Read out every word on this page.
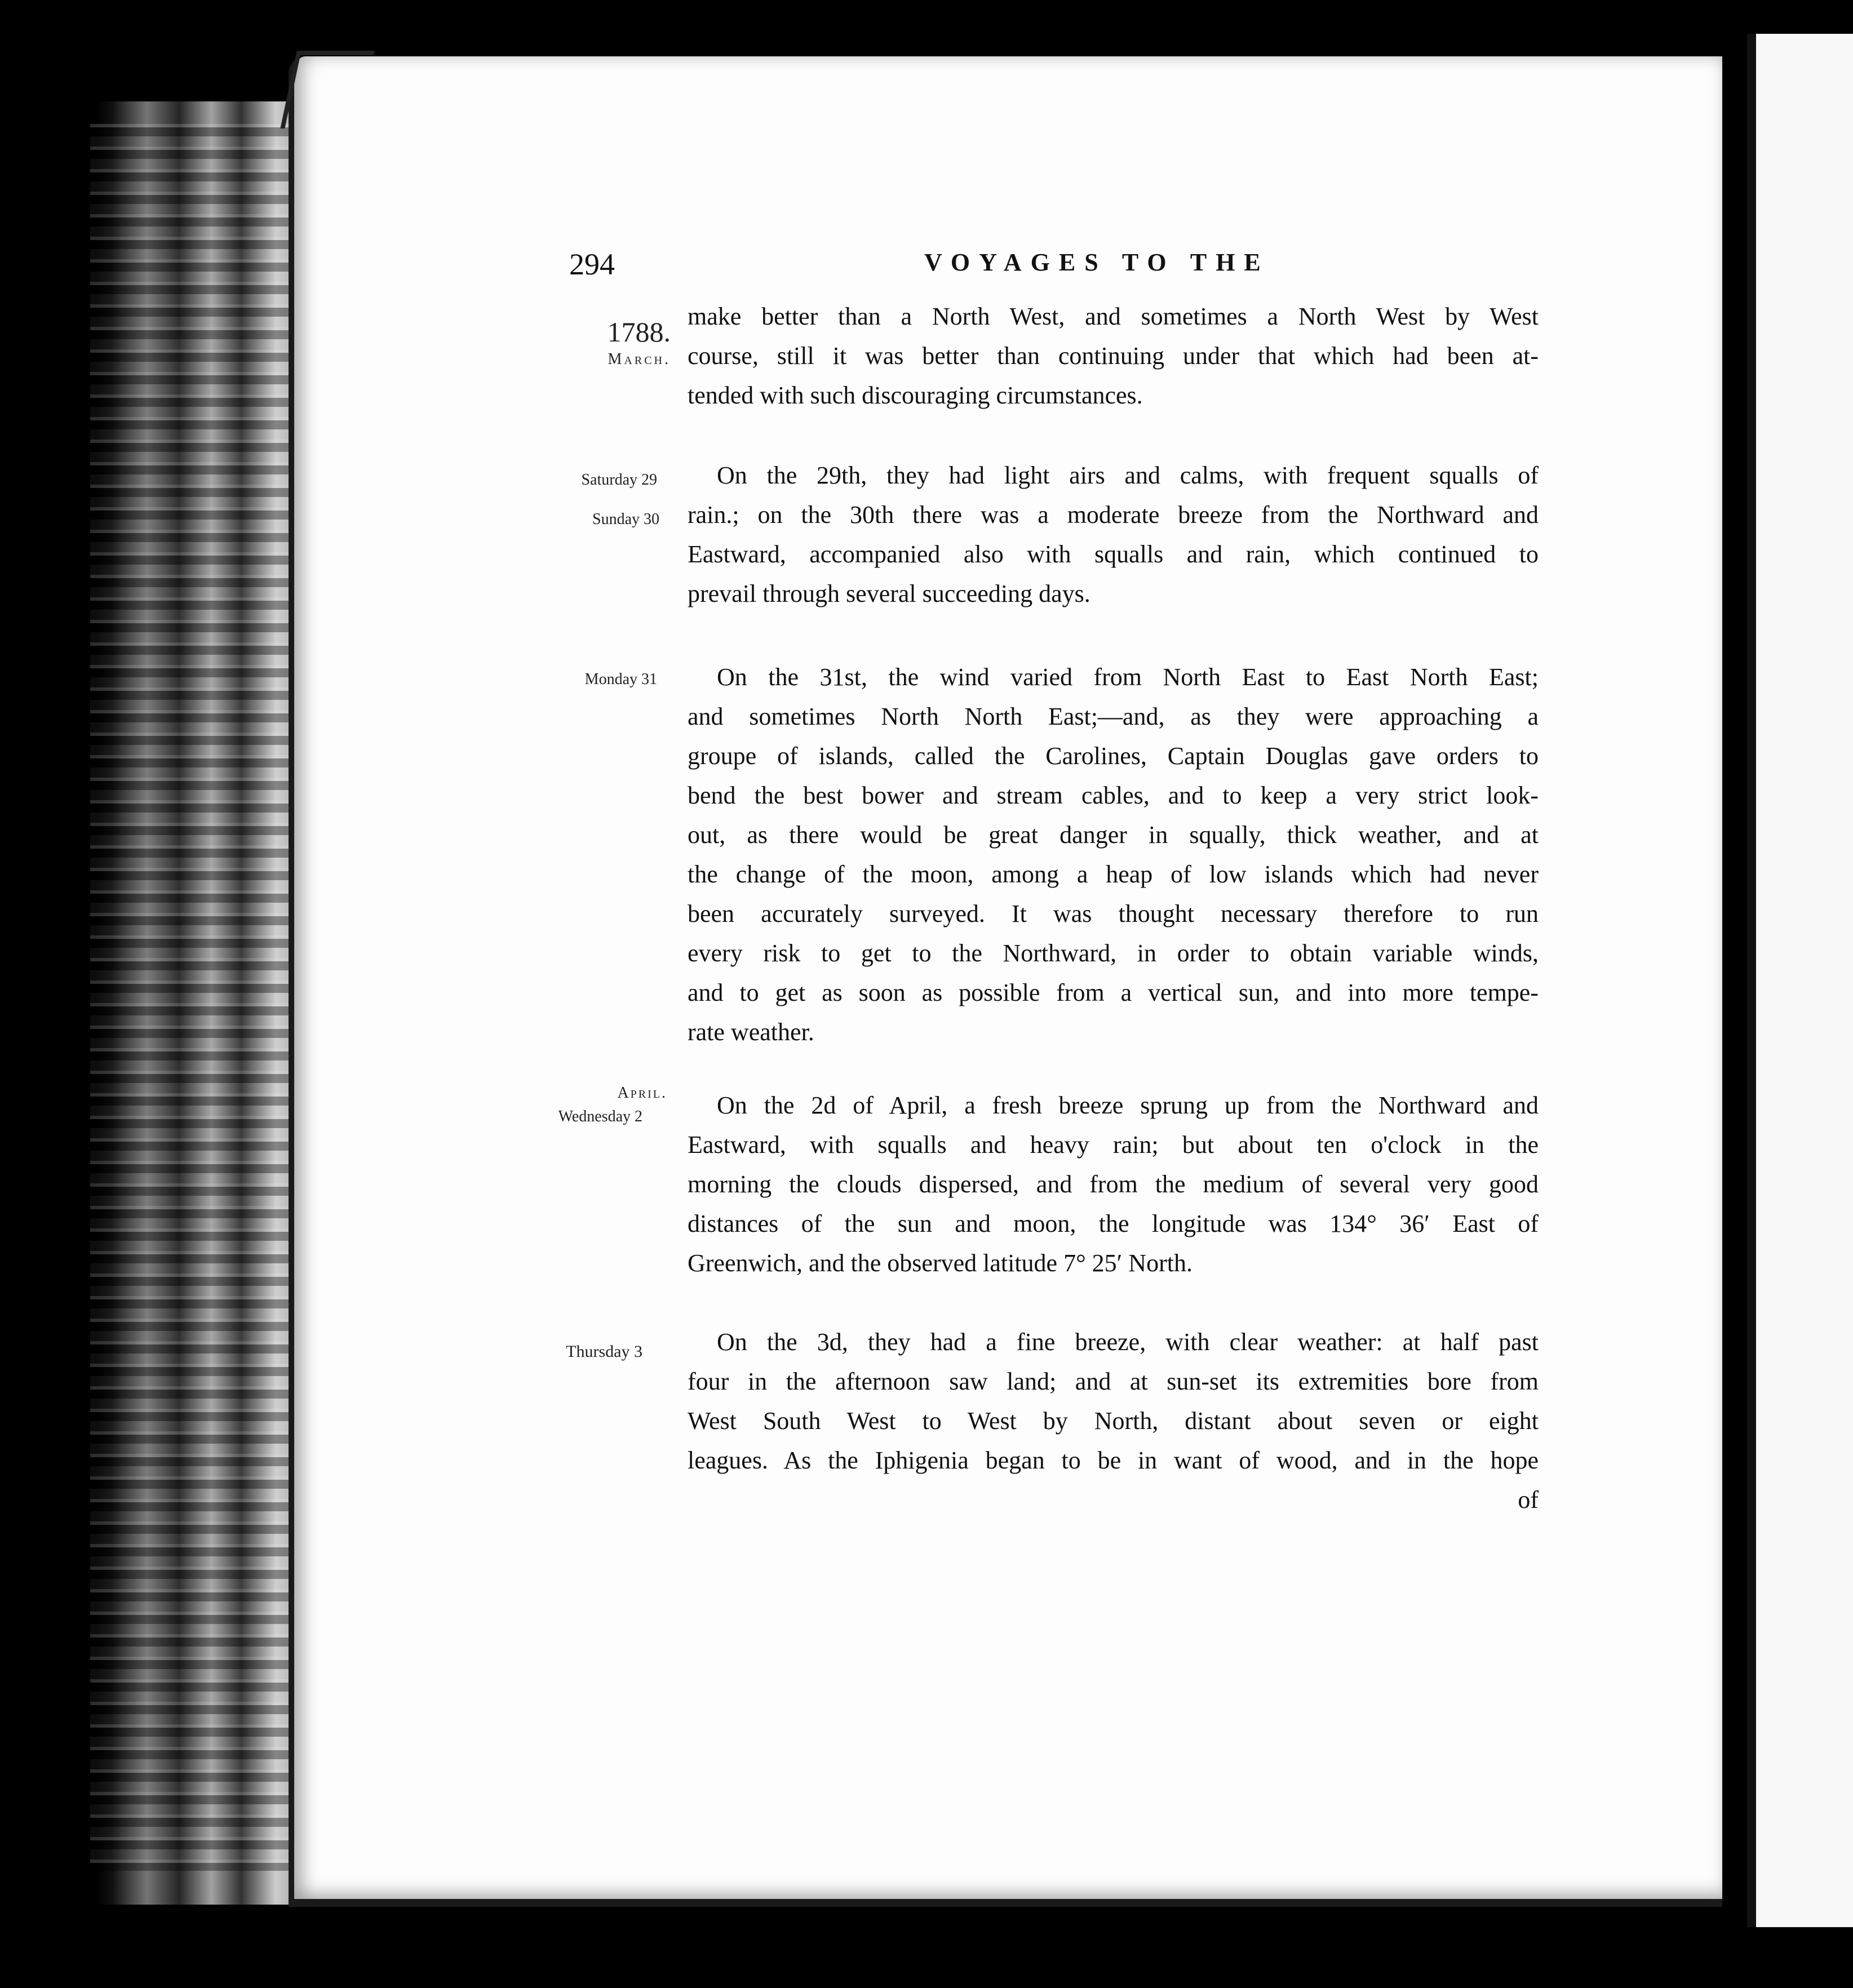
294	VOYAGES TO THE
1788.
March.
Saturday 29
Sunday 30
Monday 31
April.
Wednesday 2
Thursday 3
make better than a North West, and sometimes a North West by West
course, still it was better than continuing under that which had been at-
tended with such discouraging circumstances.
On the 29th, they had light airs and calms, with frequent squalls of
rain.; on the 30th there was a moderate breeze from the Northward and
Eastward, accompanied also with squalls and rain, which continued to
prevail through several succeeding days.
On the 31st, the wind varied from North East to East North East;
and sometimes North North East;—and, as they were approaching a
groupe of islands, called the Carolines, Captain Douglas gave orders to
bend the best bower and stream cables, and to keep a very strict look-
out, as there would be great danger in squally, thick weather, and at
the change of the moon, among a heap of low islands which had never
been accurately surveyed. It was thought necessary therefore to run
every risk to get to the Northward, in order to obtain variable winds,
and to get as soon as possible from a vertical sun, and into more tempe-
rate weather.
On the 2d of April, a fresh breeze sprung up from the Northward and
Eastward, with squalls and heavy rain; but about ten o'clock in the
morning the clouds dispersed, and from the medium of several very good
distances of the sun and moon, the longitude was 134° 36′ East of
Greenwich, and the observed latitude 7° 25′ North.
On the 3d, they had a fine breeze, with clear weather: at half past
four in the afternoon saw land; and at sun-set its extremities bore from
West South West to West by North, distant about seven or eight
leagues. As the Iphigenia began to be in want of wood, and in the hope
of
